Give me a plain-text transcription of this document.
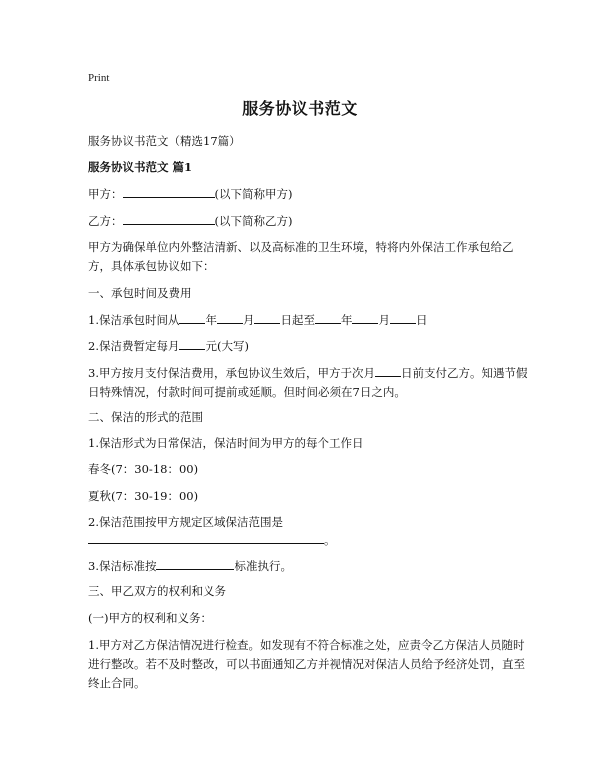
Print
服务协议书范文
服务协议书范文（精选17篇）
服务协议书范文 篇1
甲方：	(以下简称甲方)
乙方：	(以下简称乙方)
甲方为确保单位内外整洁清新、以及高标准的卫生环境，特将内外保洁工作承包给乙方，具体承包协议如下：
一、承包时间及费用
1.保洁承包时间从 年 月 日起至 年 月 日
2.保洁费暂定每月 元(大写)
3.甲方按月支付保洁费用，承包协议生效后，甲方于次月 日前支付乙方。知遇节假日特殊情况，付款时间可提前或延顺。但时间必须在7日之内。
二、保洁的形式的范围
1.保洁形式为日常保洁，保洁时间为甲方的每个工作日
春冬(7：30-18：00)
夏秋(7：30-19：00)
2.保洁范围按甲方规定区域保洁范围是
。
3.保洁标准按	标准执行。
三、甲乙双方的权利和义务
(一)甲方的权利和义务：
1.甲方对乙方保洁情况进行检查。如发现有不符合标准之处，应责令乙方保洁人员随时进行整改。若不及时整改，可以书面通知乙方并视情况对保洁人员给予经济处罚，直至终止合同。
